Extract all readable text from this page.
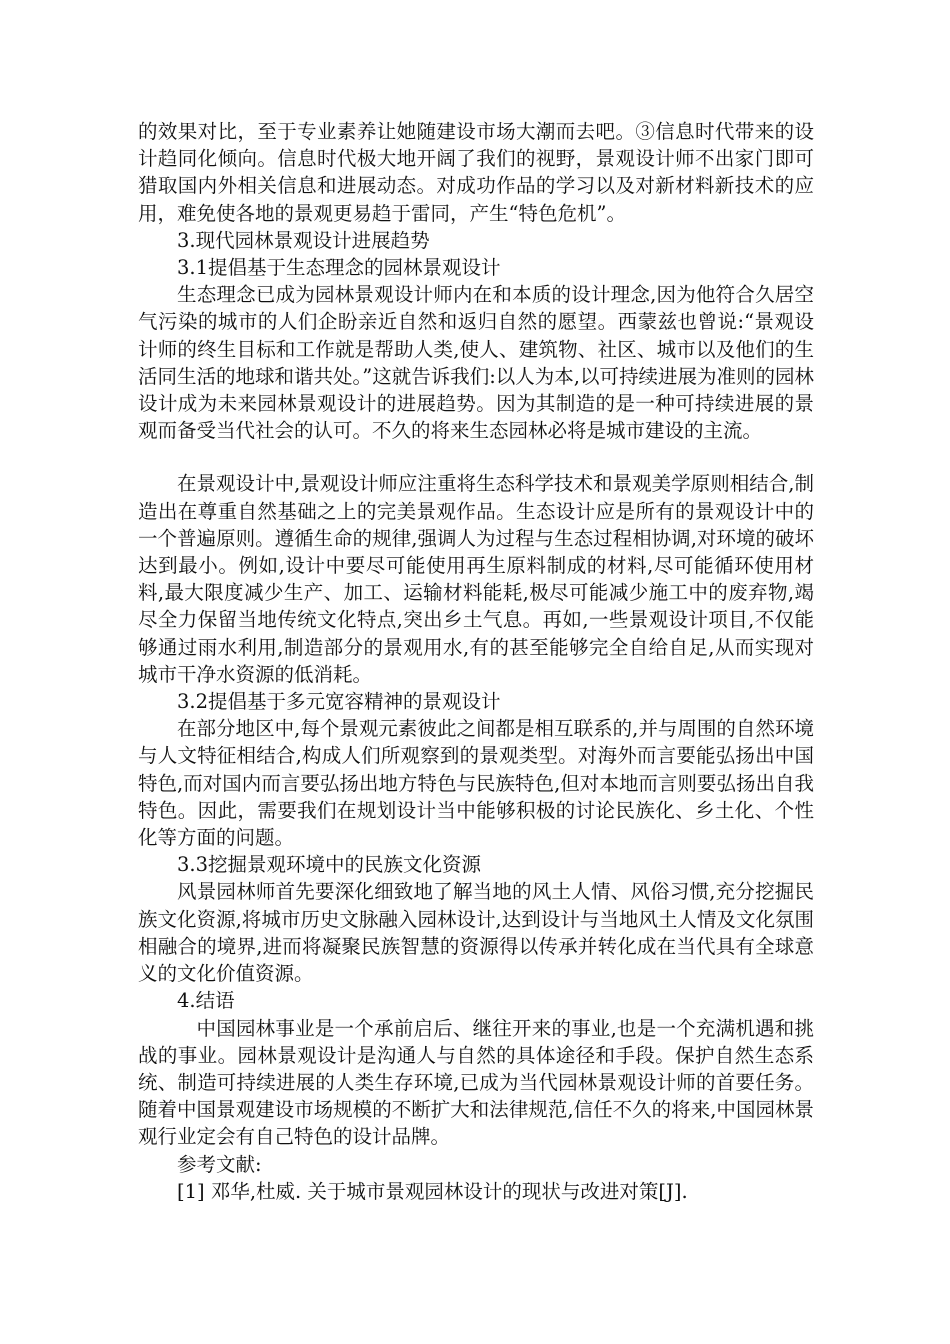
的效果对比，至于专业素养让她随建设市场大潮而去吧。③信息时代带来的设计趋同化倾向。信息时代极大地开阔了我们的视野，景观设计师不出家门即可猎取国内外相关信息和进展动态。对成功作品的学习以及对新材料新技术的应用，难免使各地的景观更易趋于雷同，产生“特色危机”。

3.现代园林景观设计进展趋势

3.1提倡基于生态理念的园林景观设计

生态理念已成为园林景观设计师内在和本质的设计理念,因为他符合久居空气污染的城市的人们企盼亲近自然和返归自然的愿望。西蒙兹也曾说:“景观设计师的终生目标和工作就是帮助人类,使人、建筑物、社区、城市以及他们的生活同生活的地球和谐共处。”这就告诉我们:以人为本,以可持续进展为准则的园林设计成为未来园林景观设计的进展趋势。因为其制造的是一种可持续进展的景观而备受当代社会的认可。不久的将来生态园林必将是城市建设的主流。

在景观设计中,景观设计师应注重将生态科学技术和景观美学原则相结合,制造出在尊重自然基础之上的完美景观作品。生态设计应是所有的景观设计中的一个普遍原则。遵循生命的规律,强调人为过程与生态过程相协调,对环境的破坏达到最小。例如,设计中要尽可能使用再生原料制成的材料,尽可能循环使用材料,最大限度减少生产、加工、运输材料能耗,极尽可能减少施工中的废弃物,竭尽全力保留当地传统文化特点,突出乡土气息。再如,一些景观设计项目,不仅能够通过雨水利用,制造部分的景观用水,有的甚至能够完全自给自足,从而实现对城市干净水资源的低消耗。

3.2提倡基于多元宽容精神的景观设计

在部分地区中,每个景观元素彼此之间都是相互联系的,并与周围的自然环境与人文特征相结合,构成人们所观察到的景观类型。对海外而言要能弘扬出中国特色,而对国内而言要弘扬出地方特色与民族特色,但对本地而言则要弘扬出自我特色。因此，需要我们在规划设计当中能够积极的讨论民族化、乡土化、个性化等方面的问题。

3.3挖掘景观环境中的民族文化资源

风景园林师首先要深化细致地了解当地的风土人情、风俗习惯,充分挖掘民族文化资源,将城市历史文脉融入园林设计,达到设计与当地风土人情及文化氛围相融合的境界,进而将凝聚民族智慧的资源得以传承并转化成在当代具有全球意义的文化价值资源。

4.结语

中国园林事业是一个承前启后、继往开来的事业,也是一个充满机遇和挑战的事业。园林景观设计是沟通人与自然的具体途径和手段。保护自然生态系统、制造可持续进展的人类生存环境,已成为当代园林景观设计师的首要任务。随着中国景观建设市场规模的不断扩大和法律规范,信任不久的将来,中国园林景观行业定会有自己特色的设计品牌。

参考文献:

[1] 邓华,杜威. 关于城市景观园林设计的现状与改进对策[J].
